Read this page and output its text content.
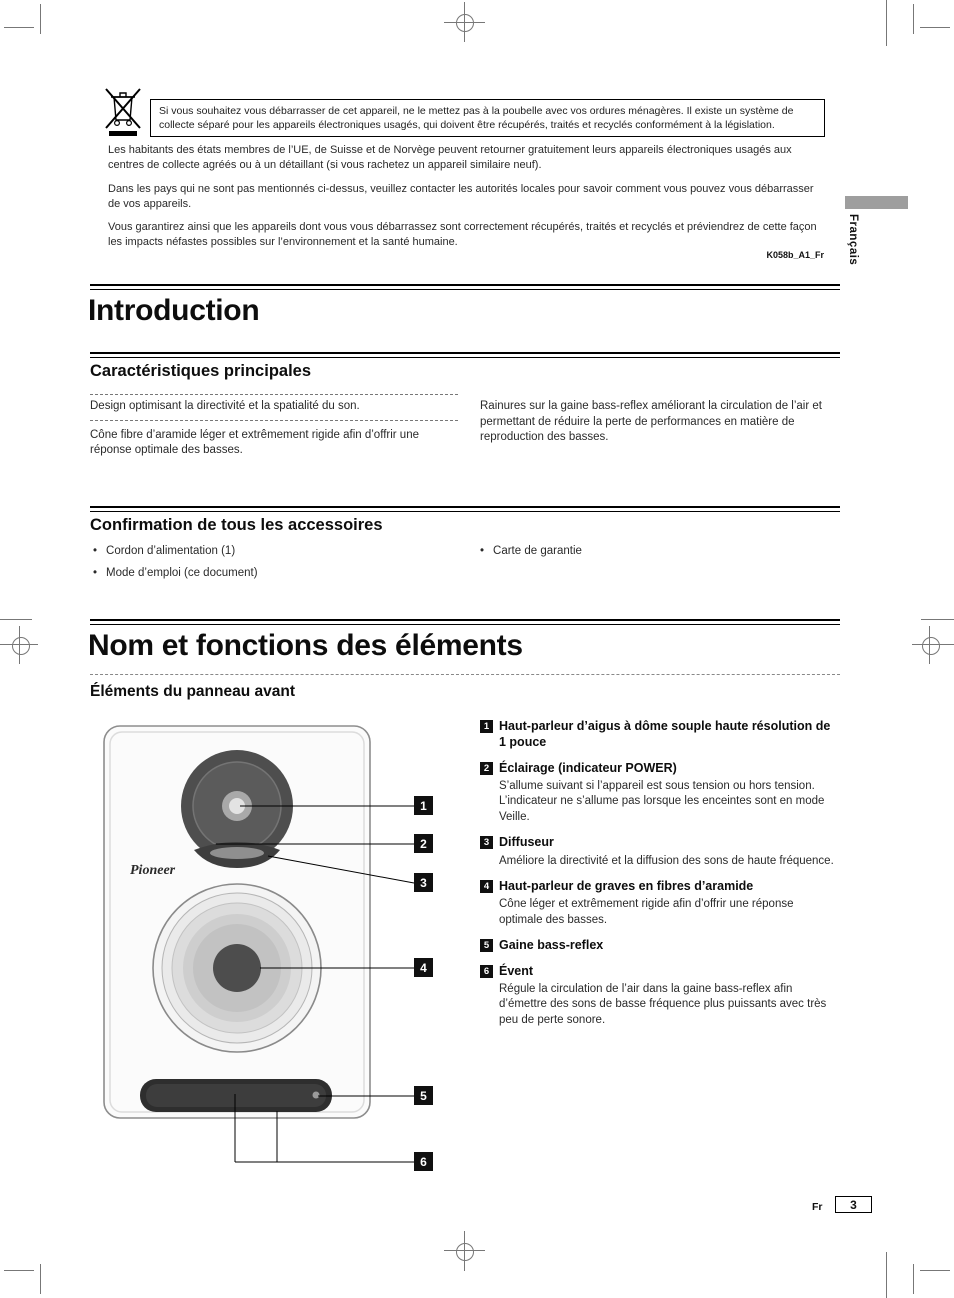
Si vous souhaitez vous débarrasser de cet appareil, ne le mettez pas à la poubelle avec vos ordures ménagères. Il existe un système de collecte séparé pour les appareils électroniques usagés, qui doivent être récupérés, traités et recyclés conformément à la législation.

Les habitants des états membres de l’UE, de Suisse et de Norvège peuvent retourner gratuitement leurs appareils électroniques usagés aux centres de collecte agréés ou à un détaillant (si vous rachetez un appareil similaire neuf).

Dans les pays qui ne sont pas mentionnés ci-dessus, veuillez contacter les autorités locales pour savoir comment vous pouvez vous débarrasser de vos appareils.

Vous garantirez ainsi que les appareils dont vous vous débarrassez sont correctement récupérés, traités et recyclés et préviendrez de cette façon les impacts néfastes possibles sur l’environnement et la santé humaine.

K058b_A1_Fr Français
Introduction
Caractéristiques principales
Design optimisant la directivité et la spatialité du son.
Cône fibre d’aramide léger et extrêmement rigide afin d’offrir une réponse optimale des basses.
Rainures sur la gaine bass-reflex améliorant la circulation de l’air et permettant de réduire la perte de performances en matière de reproduction des basses.
Confirmation de tous les accessoires
• Cordon d’alimentation (1)
• Mode d’emploi (ce document)
• Carte de garantie
Nom et fonctions des éléments
Éléments du panneau avant
Pioneer
1
2
3
4
5
6
1 Haut-parleur d’aigus à dôme souple haute résolution de 1 pouce
2 Éclairage (indicateur POWER)

S’allume suivant si l’appareil est sous tension ou hors tension. L’indicateur ne s’allume pas lorsque les enceintes sont en mode Veille.

3 Diffuseur

Améliore la directivité et la diffusion des sons de haute fréquence.

4 Haut-parleur de graves en fibres d’aramide

Cône léger et extrêmement rigide afin d’offrir une réponse optimale des basses.

5 Gaine bass-reflex
6 Évent

Régule la circulation de l’air dans la gaine bass-reflex afin d’émettre des sons de basse fréquence plus puissants avec très peu de perte sonore.

Fr 3
